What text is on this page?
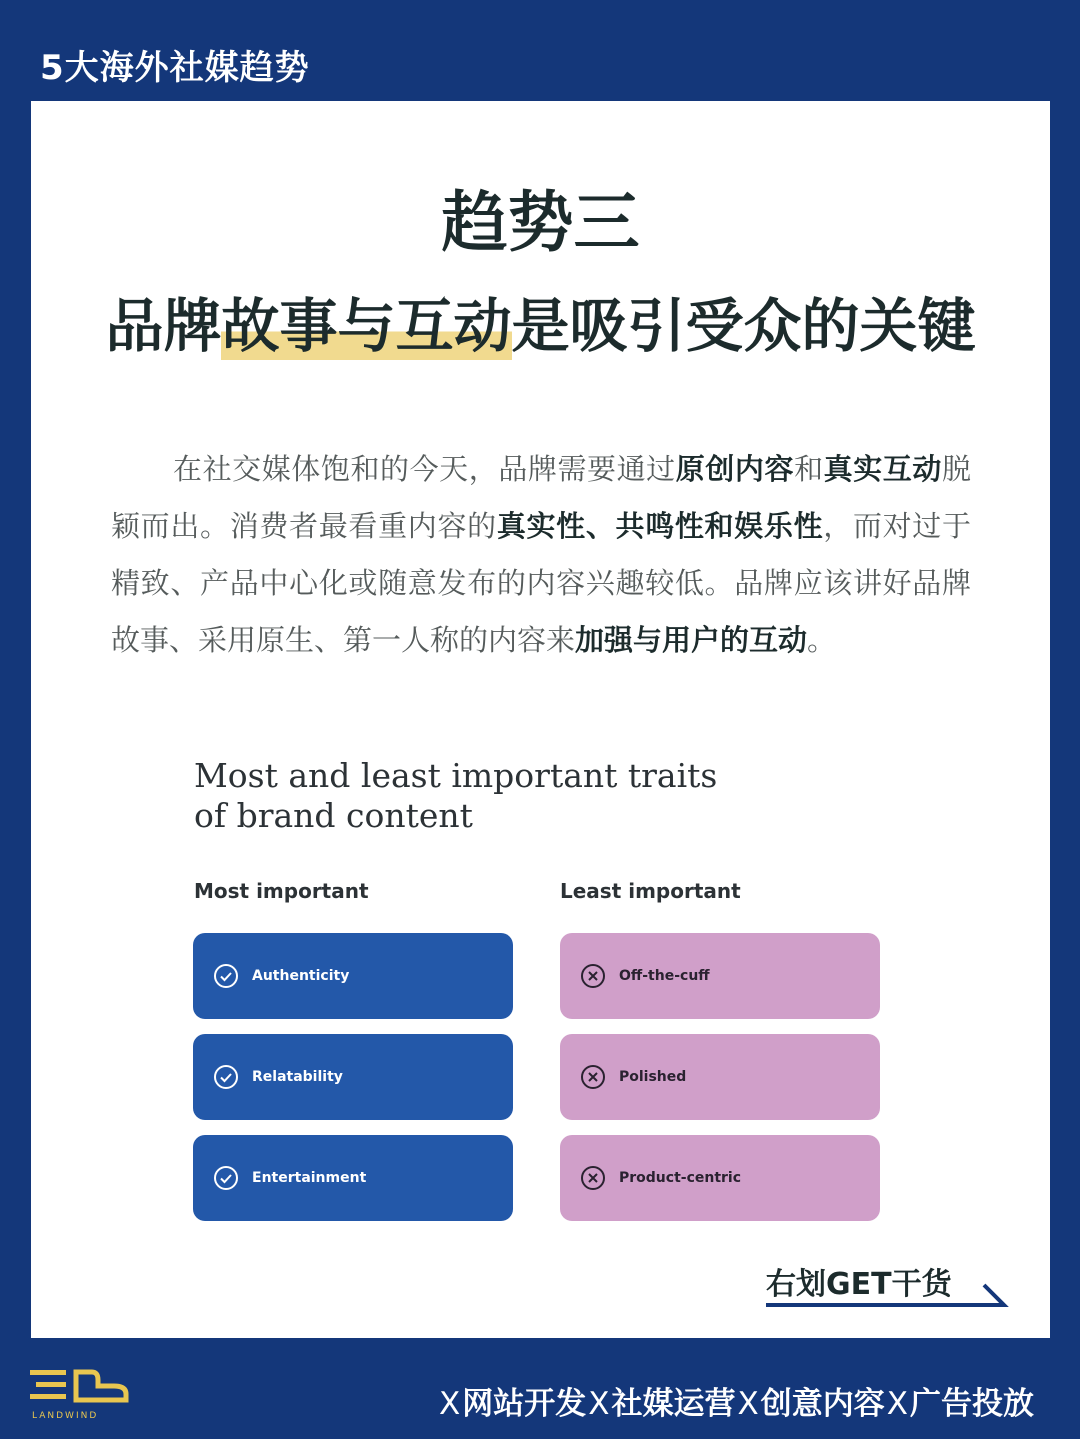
5大海外社媒趋势
趋势三
品牌故事与互动是吸引受众的关键
在社交媒体饱和的今天，品牌需要通过原创内容和真实互动脱颖而出。消费者最看重内容的真实性、共鸣性和娱乐性，而对过于精致、产品中心化或随意发布的内容兴趣较低。品牌应该讲好品牌故事、采用原生、第一人称的内容来加强与用户的互动。
Most and least important traits of brand content
Most important	Least important
Authenticity
Relatability
Entertainment
Off-the-cuff
Polished
Product-centric
右划GET干货
LANDWIND	X网站开发X社媒运营X创意内容X广告投放
